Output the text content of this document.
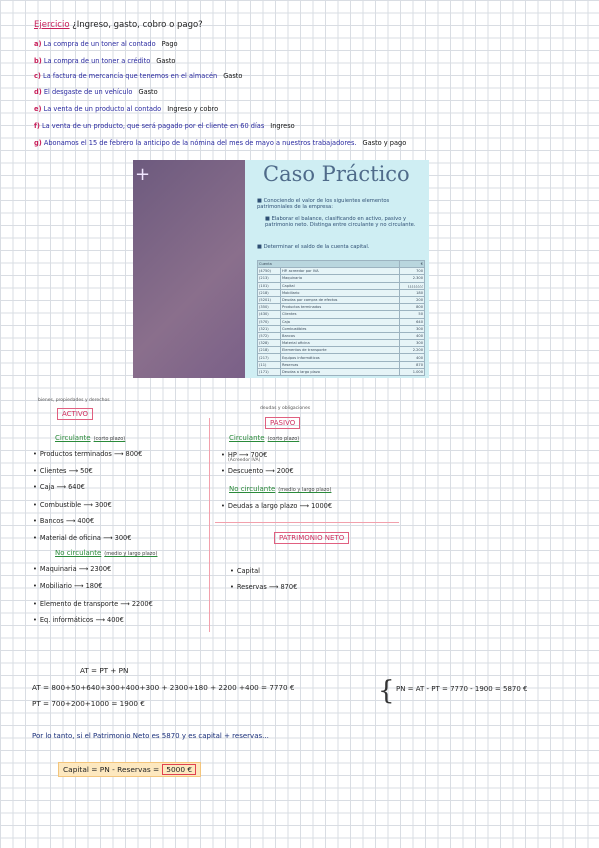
Ejercicio ¿Ingreso, gasto, cobro o pago?
a) La compra de un toner al contado Pago
b) La compra de un toner a crédito Gasto
c) La factura de mercancía que tenemos en el almacén Gasto
d) El desgaste de un vehículo Gasto
e) La venta de un producto al contado Ingreso y cobro
f) La venta de un producto, que será pagado por el cliente en 60 días Ingreso
g) Abonamos el 15 de febrero la anticipo de la nómina del mes de mayo a nuestros trabajadores. Gasto y pago
+	Caso Práctico
■ Conociendo el valor de los siguientes elementos patrimoniales de la empresa:
■ Elaborar el balance, clasificando en activo, pasivo y patrimonio neto. Distinga entre circulante y no circulante.
■ Determinar el saldo de la cuenta capital.
Cuenta		€
(4750)	HP. acreedor por IVA	700
(213)	Maquinaria	2.300
(101)	Capital	¿¿¿¿¿¿¿¿
(218)	Mobiliario	180
(5201)	Deudas por compra de efectos	200
(350)	Productos terminados	800
(430)	Clientes	50
(570)	Caja	640
(321)	Combustibles	300
(572)	Bancos	400
(328)	Material oficina	300
(218)	Elementos de transporte	2.200
(217)	Equipos informáticos	400
(11)	Reservas	870
(171)	Deudas a largo plazo	1.000
bienes, propiedades y derechos
ACTIVO
deudas y obligaciones
PASIVO
Circulante (corto plazo)
• Productos terminados ⟶ 800€
• Clientes ⟶ 50€
• Caja ⟶ 640€
• Combustible ⟶ 300€
• Bancos ⟶ 400€
• Material de oficina ⟶ 300€
No circulante (medio y largo plazo)
• Maquinaria ⟶ 2300€
• Mobiliario ⟶ 180€
• Elemento de transporte ⟶ 2200€
• Eq. informáticos ⟶ 400€
Circulante (corto plazo)
(Acreedor IVA)
• HP ⟶ 700€
• Descuento ⟶ 200€
No circulante (medio y largo plazo)
• Deudas a largo plazo ⟶ 1000€
PATRIMONIO NETO
• Capital
• Reservas ⟶ 870€
AT = PT + PN
AT = 800+50+640+300+400+300 + 2300+180 + 2200 +400 = 7770 €
PT = 700+200+1000 = 1900 €	{ PN = AT - PT = 7770 - 1900 = 5870 €
Por lo tanto, si el Patrimonio Neto es 5870 y es capital + reservas...
Capital = PN - Reservas = 5000 €
